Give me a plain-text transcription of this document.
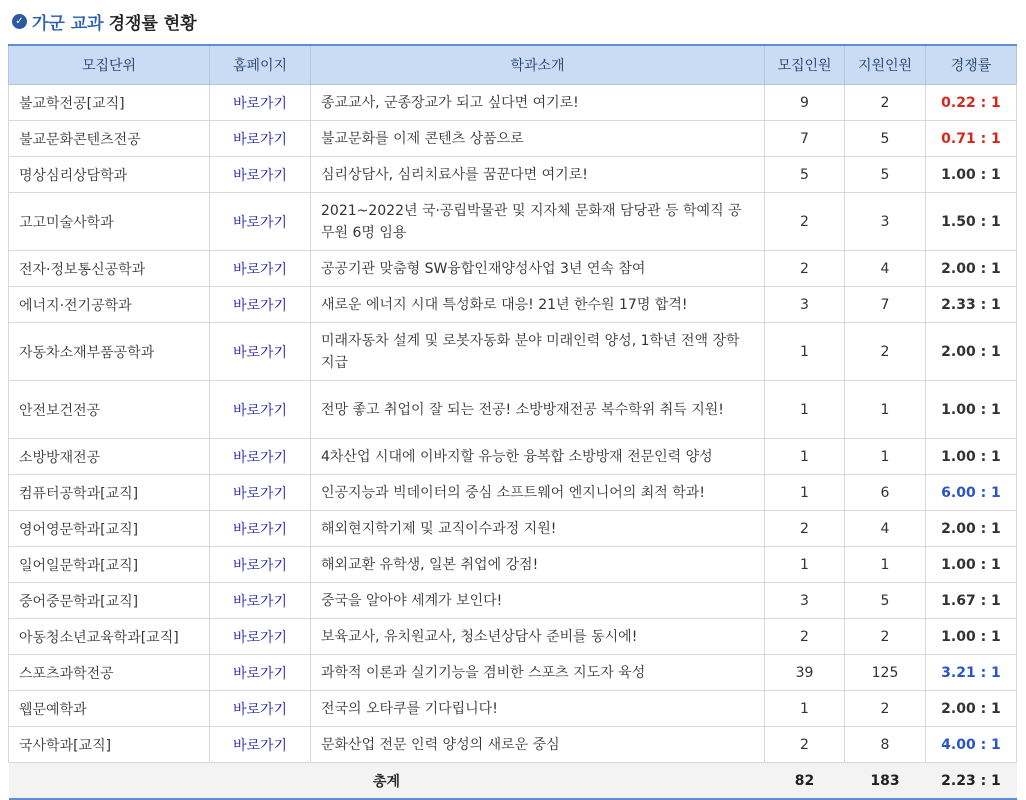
✓ 가군 교과 경쟁률 현황
모집단위	홈페이지	학과소개	모집인원	지원인원	경쟁률
불교학전공[교직]	바로가기	종교교사, 군종장교가 되고 싶다면 여기로!	9	2	0.22 : 1
불교문화콘텐츠전공	바로가기	불교문화를 이제 콘텐츠 상품으로	7	5	0.71 : 1
명상심리상담학과	바로가기	심리상담사, 심리치료사를 꿈꾼다면 여기로!	5	5	1.00 : 1
고고미술사학과	바로가기	2021~2022년 국·공립박물관 및 지자체 문화재 담당관 등 학예직 공무원 6명 임용	2	3	1.50 : 1
전자·정보통신공학과	바로가기	공공기관 맞춤형 SW융합인재양성사업 3년 연속 참여	2	4	2.00 : 1
에너지·전기공학과	바로가기	새로운 에너지 시대 특성화로 대응! 21년 한수원 17명 합격!	3	7	2.33 : 1
자동차소재부품공학과	바로가기	미래자동차 설계 및 로봇자동화 분야 미래인력 양성, 1학년 전액 장학 지급	1	2	2.00 : 1
안전보건전공	바로가기	전망 좋고 취업이 잘 되는 전공! 소방방재전공 복수학위 취득 지원!	1	1	1.00 : 1
소방방재전공	바로가기	4차산업 시대에 이바지할 유능한 융복합 소방방재 전문인력 양성	1	1	1.00 : 1
컴퓨터공학과[교직]	바로가기	인공지능과 빅데이터의 중심 소프트웨어 엔지니어의 최적 학과!	1	6	6.00 : 1
영어영문학과[교직]	바로가기	해외현지학기제 및 교직이수과정 지원!	2	4	2.00 : 1
일어일문학과[교직]	바로가기	해외교환 유학생, 일본 취업에 강점!	1	1	1.00 : 1
중어중문학과[교직]	바로가기	중국을 알아야 세계가 보인다!	3	5	1.67 : 1
아동청소년교육학과[교직]	바로가기	보육교사, 유치원교사, 청소년상담사 준비를 동시에!	2	2	1.00 : 1
스포츠과학전공	바로가기	과학적 이론과 실기기능을 겸비한 스포츠 지도자 육성	39	125	3.21 : 1
웹문예학과	바로가기	전국의 오타쿠를 기다립니다!	1	2	2.00 : 1
국사학과[교직]	바로가기	문화산업 전문 인력 양성의 새로운 중심	2	8	4.00 : 1
총계			82	183	2.23 : 1
